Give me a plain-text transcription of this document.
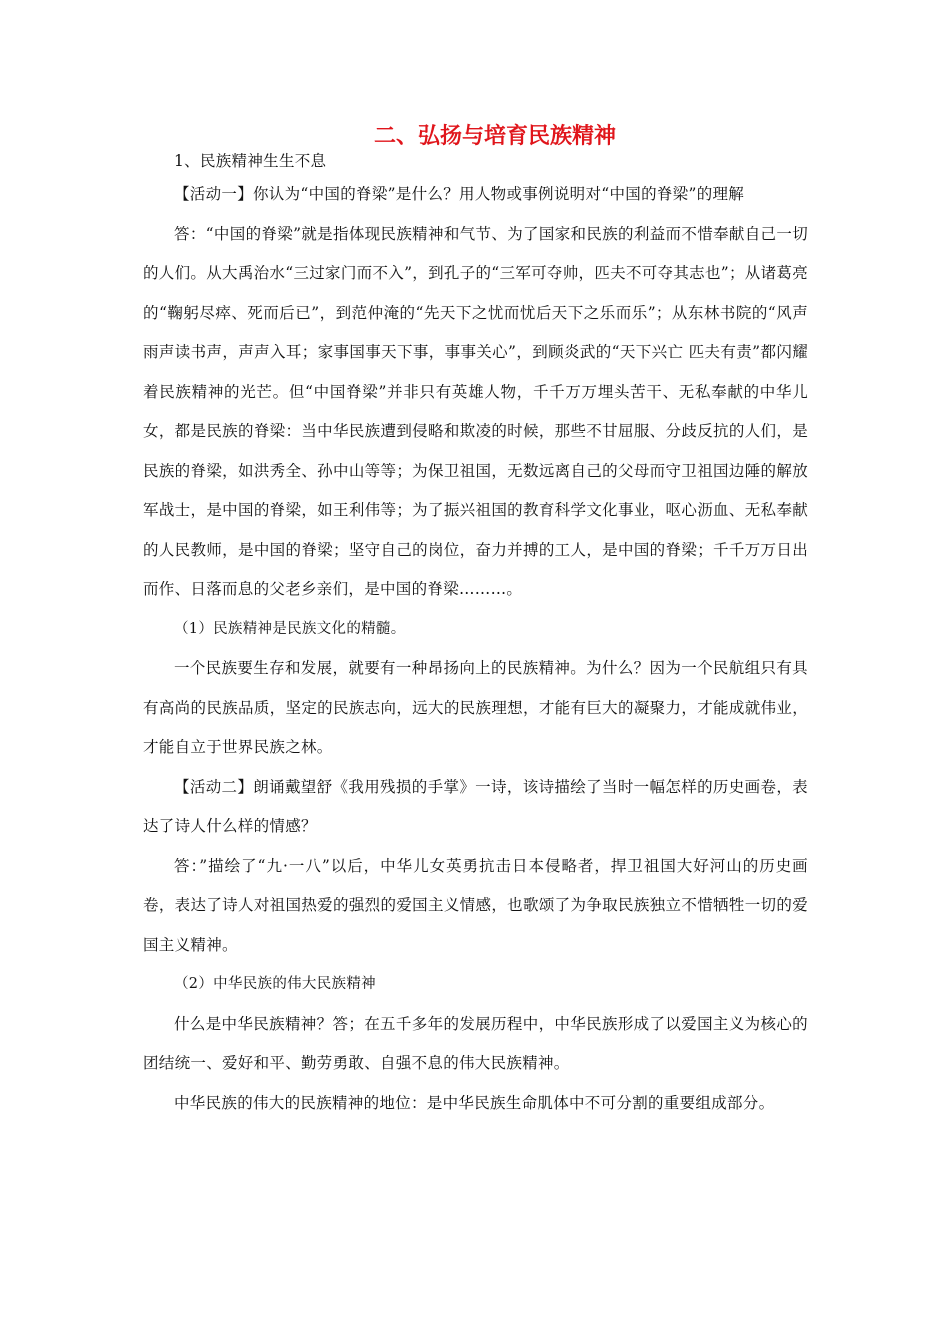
二、弘扬与培育民族精神

1、民族精神生生不息

【活动一】你认为“中国的脊梁”是什么？用人物或事例说明对“中国的脊梁”的理解

答：“中国的脊梁”就是指体现民族精神和气节、为了国家和民族的利益而不惜奉献自己一切的人们。从大禹治水“三过家门而不入”，到孔子的“三军可夺帅，匹夫不可夺其志也”；从诸葛亮的“鞠躬尽瘁、死而后已”，到范仲淹的“先天下之忧而忧后天下之乐而乐”；从东林书院的“风声雨声读书声，声声入耳；家事国事天下事，事事关心”，到顾炎武的“天下兴亡 匹夫有责”都闪耀着民族精神的光芒。但“中国脊梁”并非只有英雄人物，千千万万埋头苦干、无私奉献的中华儿女，都是民族的脊梁：当中华民族遭到侵略和欺凌的时候，那些不甘屈服、分歧反抗的人们，是民族的脊梁，如洪秀全、孙中山等等；为保卫祖国，无数远离自己的父母而守卫祖国边陲的解放军战士，是中国的脊梁，如王利伟等；为了振兴祖国的教育科学文化事业，呕心沥血、无私奉献的人民教师，是中国的脊梁；坚守自己的岗位，奋力并搏的工人，是中国的脊梁；千千万万日出而作、日落而息的父老乡亲们，是中国的脊梁………。

（1）民族精神是民族文化的精髓。

一个民族要生存和发展，就要有一种昂扬向上的民族精神。为什么？因为一个民航组只有具有高尚的民族品质，坚定的民族志向，远大的民族理想，才能有巨大的凝聚力，才能成就伟业，才能自立于世界民族之林。

【活动二】朗诵戴望舒《我用残损的手掌》一诗，该诗描绘了当时一幅怎样的历史画卷，表达了诗人什么样的情感？

答：”描绘了“九·一八”以后，中华儿女英勇抗击日本侵略者，捍卫祖国大好河山的历史画卷，表达了诗人对祖国热爱的强烈的爱国主义情感，也歌颂了为争取民族独立不惜牺牲一切的爱国主义精神。

（2）中华民族的伟大民族精神

什么是中华民族精神？答；在五千多年的发展历程中，中华民族形成了以爱国主义为核心的团结统一、爱好和平、勤劳勇敢、自强不息的伟大民族精神。

中华民族的伟大的民族精神的地位：是中华民族生命肌体中不可分割的重要组成部分。
